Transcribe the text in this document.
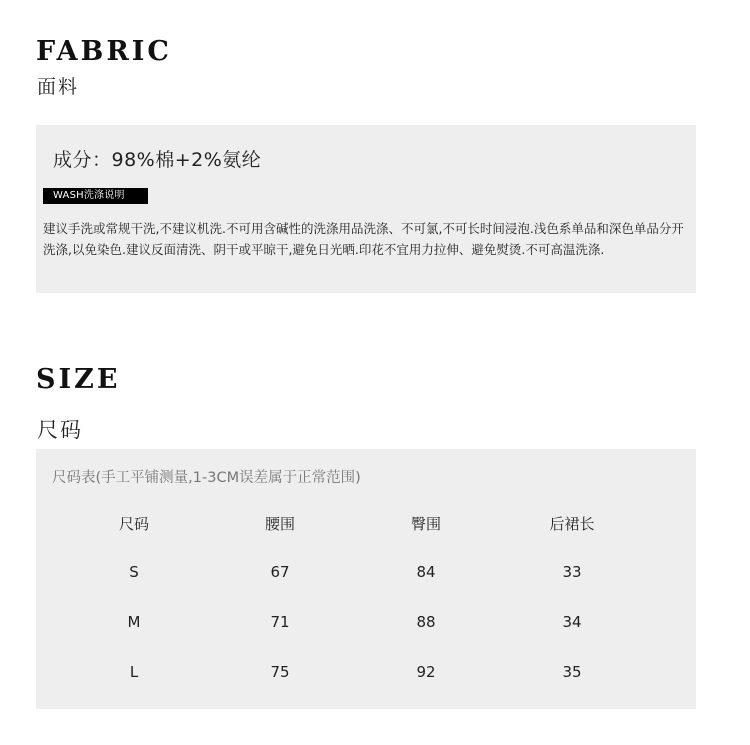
FABRIC
面料
成分：98%棉+2%氨纶
WASH洗涤说明
建议手洗或常规干洗,不建议机洗.不可用含碱性的洗涤用品洗涤、不可氯,不可长时间浸泡.浅色系单品和深色单品分开洗涤,以免染色.建议反面清洗、阴干或平晾干,避免日光晒.印花不宜用力拉伸、避免熨烫.不可高温洗涤.
SIZE
尺码
尺码表(手工平铺测量,1-3CM误差属于正常范围)
尺码	腰围	臀围	后裙长
S	67	84	33
M	71	88	34
L	75	92	35
